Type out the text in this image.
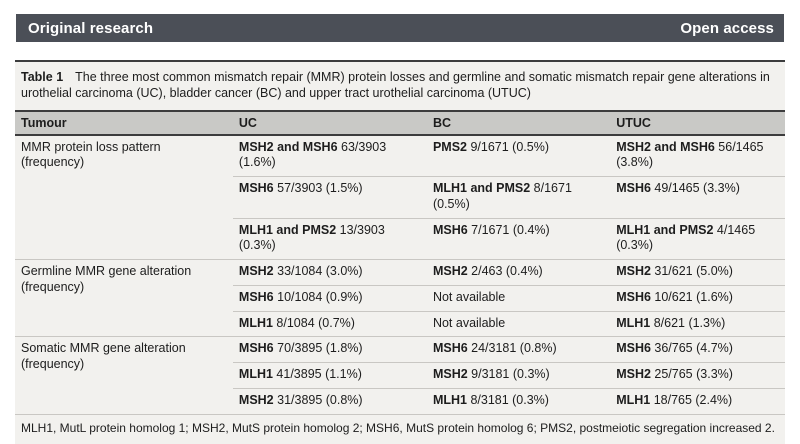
Original research	Open access
Table 1 The three most common mismatch repair (MMR) protein losses and germline and somatic mismatch repair gene alterations in urothelial carcinoma (UC), bladder cancer (BC) and upper tract urothelial carcinoma (UTUC)
Tumour	UC	BC	UTUC
MMR protein loss pattern (frequency)	MSH2 and MSH6 63/3903 (1.6%)	PMS2 9/1671 (0.5%)	MSH2 and MSH6 56/1465 (3.8%)
	MSH6 57/3903 (1.5%)	MLH1 and PMS2 8/1671 (0.5%)	MSH6 49/1465 (3.3%)
	MLH1 and PMS2 13/3903 (0.3%)	MSH6 7/1671 (0.4%)	MLH1 and PMS2 4/1465 (0.3%)
Germline MMR gene alteration (frequency)	MSH2 33/1084 (3.0%)	MSH2 2/463 (0.4%)	MSH2 31/621 (5.0%)
	MSH6 10/1084 (0.9%)	Not available	MSH6 10/621 (1.6%)
	MLH1 8/1084 (0.7%)	Not available	MLH1 8/621 (1.3%)
Somatic MMR gene alteration (frequency)	MSH6 70/3895 (1.8%)	MSH6 24/3181 (0.8%)	MSH6 36/765 (4.7%)
	MLH1 41/3895 (1.1%)	MSH2 9/3181 (0.3%)	MSH2 25/765 (3.3%)
	MSH2 31/3895 (0.8%)	MLH1 8/3181 (0.3%)	MLH1 18/765 (2.4%)
MLH1, MutL protein homolog 1; MSH2, MutS protein homolog 2; MSH6, MutS protein homolog 6; PMS2, postmeiotic segregation increased 2.
